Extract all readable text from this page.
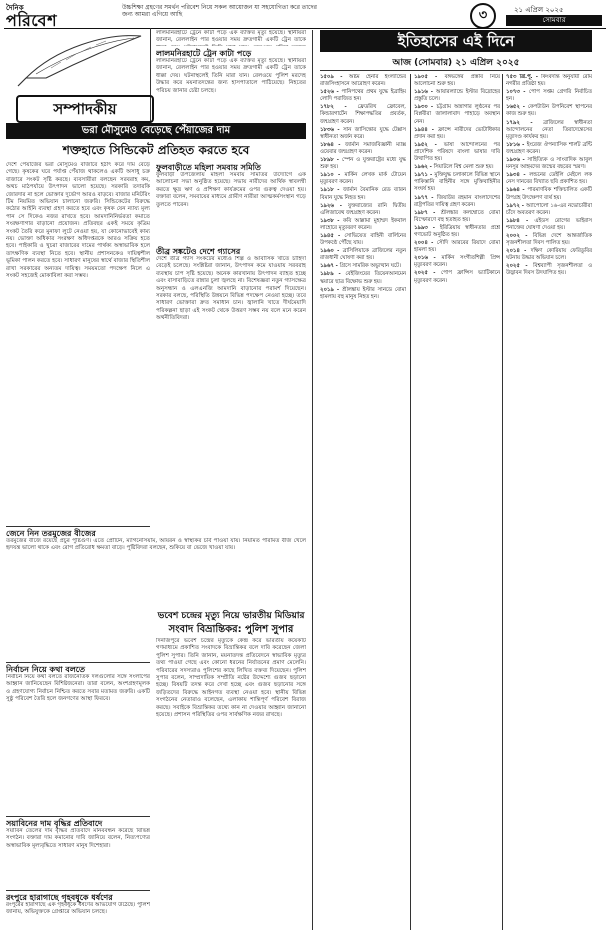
দৈনিক
পরিবেশ
উচ্চশিক্ষা গ্রহণের সমর্থন পরিবেশ নিয়ে সকল আয়োজন যা সহযোগিতা করে তাদের জন্য আমরা এগিয়ে আছি	৩	২১ এপ্রিল ২০২৫
সোমবার
সম্পাদকীয়
লালমনিরহাটে ট্রেনে কাটা পড়ে এক ব্যক্তির মৃত্যু হয়েছে। স্থানীয়রা জানান, রেললাইন পার হওয়ার সময় দ্রুতগামী একটি ট্রেন তাকে
লালমনিরহাটে ট্রেন কাটা পড়ে
লালমনিরহাটে ট্রেনে কাটা পড়ে এক ব্যক্তির মৃত্যু হয়েছে। স্থানীয়রা জানান, রেললাইন পার হওয়ার সময় দ্রুতগামী একটি ট্রেন তাকে ধাক্কা দেয়। ঘটনাস্থলেই তিনি মারা যান। রেলওয়ে পুলিশ মরদেহ উদ্ধার করে ময়নাতদন্তের জন্য হাসপাতালে পাঠিয়েছে। নিহতের পরিচয় জানার চেষ্টা চলছে।
ভরা মৌসুমেও বেড়েছে পেঁয়াজের দাম
শক্তহাতে সিন্ডিকেট প্রতিহত করতে হবে
দেশে পেঁয়াজের ভরা মৌসুমেও বাজারে হঠাৎ করে দাম বেড়ে গেছে। কৃষকের ঘরে পর্যাপ্ত পেঁয়াজ থাকলেও একটি অসাধু চক্র বাজারে সংকট সৃষ্টি করছে। ব্যবসায়ীরা বলছেন সরবরাহ কম, অথচ মাঠপর্যায়ে উৎপাদন ভালো হয়েছে। সরকারি তদারকি জোরদার না হলে ভোক্তার দুর্ভোগ আরও বাড়বে। বাজার মনিটরিং টিম নিয়মিত অভিযান চালানো জরুরি। সিন্ডিকেটের বিরুদ্ধে কঠোর আইনি ব্যবস্থা গ্রহণ করতে হবে এবং কৃষক যেন ন্যায্য মূল্য পান সে দিকেও নজর রাখতে হবে। আমদানিনির্ভরতা কমাতে সংরক্ষণাগার বাড়ানো প্রয়োজন। প্রতিবছর একই সময়ে কৃত্রিম সংকট তৈরি করে মুনাফা লুটে নেওয়া হয়, যা কোনোভাবেই কাম্য নয়। ভোক্তা অধিকার সংরক্ষণ অধিদপ্তরকে আরও সক্রিয় হতে হবে। পাইকারি ও খুচরা বাজারের দামের পার্থক্য অস্বাভাবিক হলে তাৎক্ষণিক ব্যবস্থা নিতে হবে। স্থানীয় প্রশাসনকেও দায়িত্বশীল ভূমিকা পালন করতে হবে। সাধারণ মানুষের স্বার্থে বাজার স্থিতিশীল রাখা সরকারের অন্যতম দায়িত্ব। সময়মতো পদক্ষেপ নিলে এ সংকট সহজেই মোকাবিলা করা সম্ভব।
ফুলবাড়ীতে মহিলা সমবায় সমিতি
ফুলবাড়ী উপজেলায় মহিলা সমবায় সমিতির উদ্যোগে এক আলোচনা সভা অনুষ্ঠিত হয়েছে। সভায় নারীদের আর্থিক স্বাবলম্বী করতে ক্ষুদ্র ঋণ ও প্রশিক্ষণ কার্যক্রমের ওপর গুরুত্ব দেওয়া হয়। বক্তারা বলেন, সমবায়ের মাধ্যমে গ্রামীণ নারীরা আত্মকর্মসংস্থান গড়ে তুলতে পারেন।
তীব্র সঙ্কটেও দেশে গ্যাসের
দেশে তীব্র গ্যাস সংকটের মধ্যেও শিল্প ও আবাসিক খাতে চাহিদা বেড়েই চলেছে। সংশ্লিষ্টরা জানান, উৎপাদন কমে যাওয়ায় সরবরাহ ব্যবস্থায় চাপ সৃষ্টি হয়েছে। অনেক কারখানায় উৎপাদন ব্যাহত হচ্ছে এবং বাসাবাড়িতে রান্নার চুলা জ্বলছে না। বিশেষজ্ঞরা নতুন গ্যাসক্ষেত্র অনুসন্ধান ও এলএনজি আমদানি বাড়ানোর পরামর্শ দিয়েছেন। সরকার বলছে, পরিস্থিতি উন্নয়নে বিভিন্ন পদক্ষেপ নেওয়া হচ্ছে। তবে সাধারণ ভোক্তারা দ্রুত সমাধান চান। জ্বালানি খাতে দীর্ঘমেয়াদি পরিকল্পনা ছাড়া এই সংকট থেকে উত্তরণ সম্ভব নয় বলে মনে করেন অর্থনীতিবিদরা।
জেনে নিন তরমুজের বীজের
তরমুজের বীজে রয়েছে প্রচুর পুষ্টিগুণ। এতে প্রোটিন, ম্যাগনেসিয়াম, আয়রন ও স্বাস্থ্যকর চর্বি পাওয়া যায়। নিয়মিত পরিমিত বীজ খেলে হৃদযন্ত্র ভালো থাকে এবং রোগ প্রতিরোধ ক্ষমতা বাড়ে। পুষ্টিবিদরা বলছেন, শুকিয়ে বা ভেজে খাওয়া যায়।
ভবেশ চন্দ্রের মৃত্যু নিয়ে ভারতীয় মিডিয়ার
সংবাদ বিভ্রান্তিকর: পুলিশ সুপার
দিনাজপুরে ভবেশ চন্দ্রের মৃত্যুকে কেন্দ্র করে ভারতীয় কয়েকটি গণমাধ্যমে প্রকাশিত সংবাদকে বিভ্রান্তিকর বলে দাবি করেছেন জেলা পুলিশ সুপার। তিনি জানান, ময়নাতদন্ত প্রতিবেদনে স্বাভাবিক মৃত্যুর তথ্য পাওয়া গেছে এবং কোনো ধরনের নির্যাতনের প্রমাণ মেলেনি। পরিবারের সদস্যরাও পুলিশের কাছে লিখিত বক্তব্য দিয়েছেন। পুলিশ সুপার বলেন, সাম্প্রদায়িক সম্প্রীতি নষ্টের উদ্দেশ্যে গুজব ছড়ানো হচ্ছে। বিষয়টি তদন্ত করে দেখা হচ্ছে এবং গুজব ছড়ানোর সঙ্গে জড়িতদের বিরুদ্ধে আইনগত ব্যবস্থা নেওয়া হবে। স্থানীয় বিভিন্ন সংগঠনের নেতারাও বলেছেন, এলাকায় শান্তিপূর্ণ পরিবেশ বিরাজ করছে। সবাইকে বিভ্রান্তিকর তথ্যে কান না দেওয়ার আহ্বান জানানো হয়েছে। প্রশাসন পরিস্থিতির ওপর সার্বক্ষণিক নজর রাখছে।
নির্বাচন নিয়ে কথা বলতে
নির্বাচন নিয়ে কথা বলতে রাজনৈতিক দলগুলোর সঙ্গে সংলাপের আহ্বান জানিয়েছেন বিশিষ্টজনেরা। তারা বলেন, অংশগ্রহণমূলক ও গ্রহণযোগ্য নির্বাচন নিশ্চিত করতে সবার মতামত জরুরি। একটি সুষ্ঠু পরিবেশ তৈরি হলে জনগণের আস্থা ফিরবে।
সয়াবিনের দাম বৃদ্ধির প্রতিবাদে
সয়াবিন তেলের দাম বৃদ্ধির প্রতিবাদে মানববন্ধন করেছে বিভিন্ন সংগঠন। বক্তারা দাম কমানোর দাবি জানিয়ে বলেন, নিত্যপণ্যের অস্বাভাবিক মূল্যবৃদ্ধিতে সাধারণ মানুষ দিশেহারা।
রংপুরে হারাগাছে গৃহবধূকে ধর্ষণের
রংপুরের হারাগাছে এক গৃহবধূকে ধর্ষণের অভিযোগ উঠেছে। পুলিশ জানায়, অভিযুক্তকে গ্রেপ্তারে অভিযান চলছে।
ইতিহাসের এই দিনে
আজ (সোমবার) ২১ এপ্রিল ২০২৫

১৫০৯ - অষ্টম হেনরি ইংল্যান্ডের রাজসিংহাসনে আরোহণ করেন।

১৫২৬ - পানিপথের প্রথম যুদ্ধে ইব্রাহিম লোদি পরাজিত হন।

১৭৮২ - ফ্রেডরিখ ফ্রোবেল, কিন্ডারগার্টেন শিক্ষাপদ্ধতির প্রবর্তক, জন্মগ্রহণ করেন।

১৮৩৬ - সান জাসিন্তোর যুদ্ধে টেক্সাস স্বাধীনতা অর্জন করে।

১৮৬৪ - জার্মান সমাজবিজ্ঞানী ম্যাক্স ওয়েবার জন্মগ্রহণ করেন।

১৮৯৮ - স্পেন ও যুক্তরাষ্ট্রের মধ্যে যুদ্ধ শুরু হয়।

১৯১০ - মার্কিন লেখক মার্ক টোয়েন মৃত্যুবরণ করেন।

১৯১৮ - জার্মান বৈমানিক রেড ব্যারন বিমান যুদ্ধে নিহত হন।

১৯২৬ - যুক্তরাজ্যের রানি দ্বিতীয় এলিজাবেথ জন্মগ্রহণ করেন।

১৯৩৮ - কবি আল্লামা মুহাম্মদ ইকবাল লাহোরে মৃত্যুবরণ করেন।

১৯৪৫ - সোভিয়েত বাহিনী বার্লিনের উপকণ্ঠে পৌঁছে যায়।

১৯৬০ - ব্রাসিলিয়াকে ব্রাজিলের নতুন রাজধানী ঘোষণা করা হয়।

১৯৬৭ - গ্রিসে সামরিক অভ্যুত্থান ঘটে।

১৯৮৯ - বেইজিংয়ের তিয়েনআনমেন স্কয়ারে ছাত্র বিক্ষোভ শুরু হয়।

২০১৯ - শ্রীলঙ্কায় ইস্টার সানডে বোমা হামলায় বহু মানুষ নিহত হন।

১৯০৫ - বঙ্গভঙ্গের প্রস্তাব নিয়ে আলোচনা শুরু হয়।

১৯১৬ - আয়ারল্যান্ডে ইস্টার বিদ্রোহের প্রস্তুতি চলে।

১৯৩০ - চট্টগ্রাম অস্ত্রাগার লুণ্ঠনের পর বিপ্লবীরা জালালাবাদ পাহাড়ে অবস্থান নেন।

১৯৪৪ - ফ্রান্সে নারীদের ভোটাধিকার প্রদান করা হয়।

১৯৫২ - ভাষা আন্দোলনের পর প্রাদেশিক পরিষদে বাংলা ভাষার দাবি উত্থাপিত হয়।

১৯৬২ - সিয়াটলে বিশ্ব মেলা শুরু হয়।

১৯৭১ - মুক্তিযুদ্ধ চলাকালে বিভিন্ন স্থানে পাকিস্তানি বাহিনীর সঙ্গে মুক্তিবাহিনীর সংঘর্ষ হয়।

১৯৭৭ - জিয়াউর রহমান বাংলাদেশের রাষ্ট্রপতির দায়িত্ব গ্রহণ করেন।

১৯৮৭ - শ্রীলঙ্কার কলম্বোতে বোমা বিস্ফোরণে বহু হতাহত হয়।

১৯৯৩ - ইরিত্রিয়ায় স্বাধীনতার প্রশ্নে গণভোট অনুষ্ঠিত হয়।

২০০৪ - সৌদি আরবের রিয়াদে বোমা হামলা হয়।

২০১৬ - মার্কিন সংগীতশিল্পী প্রিন্স মৃত্যুবরণ করেন।

২০২৫ - পোপ ফ্রান্সিস ভ্যাটিকানে মৃত্যুবরণ করেন।

৭৫৩ খ্রি.পূ. - কিংবদন্তি অনুযায়ী রোম নগরীর প্রতিষ্ঠা হয়।

১০৭৩ - পোপ সপ্তম গ্রেগরি নির্বাচিত হন।

১৬৫২ - কেপটাউন উপনিবেশ স্থাপনের কাজ শুরু হয়।

১৭৯২ - ব্রাজিলের স্বাধীনতা আন্দোলনের নেতা তিরাদেন্তেসের মৃত্যুদণ্ড কার্যকর হয়।

১৮১৬ - ইংরেজ ঔপন্যাসিক শার্লট ব্রন্টি জন্মগ্রহণ করেন।

১৯০৬ - সাহিত্যিক ও সাংবাদিক আবুল মনসুর আহমদের জন্মের বছরের স্মরণ।

১৯৩৪ - লন্ডনের ডেইলি মেইলে লক নেস দানবের বিখ্যাত ছবি প্রকাশিত হয়।

১৯৬৪ - পারমাণবিক শক্তিচালিত একটি উপগ্রহ উৎক্ষেপণ ব্যর্থ হয়।

১৯৭২ - অ্যাপোলো ১৬-এর নভোচারীরা চাঁদে অবতরণ করেন।

১৯৮৪ - এইডস রোগের ভাইরাস শনাক্তের ঘোষণা দেওয়া হয়।

২০০২ - বিভিন্ন দেশে আন্তর্জাতিক সৃজনশীলতা দিবস পালিত হয়।

২০১৪ - দক্ষিণ কোরিয়ায় ফেরিডুবির ঘটনায় উদ্ধার অভিযান চলে।

২০২৫ - বিশ্বব্যাপী সৃজনশীলতা ও উদ্ভাবন দিবস উদযাপিত হয়।
